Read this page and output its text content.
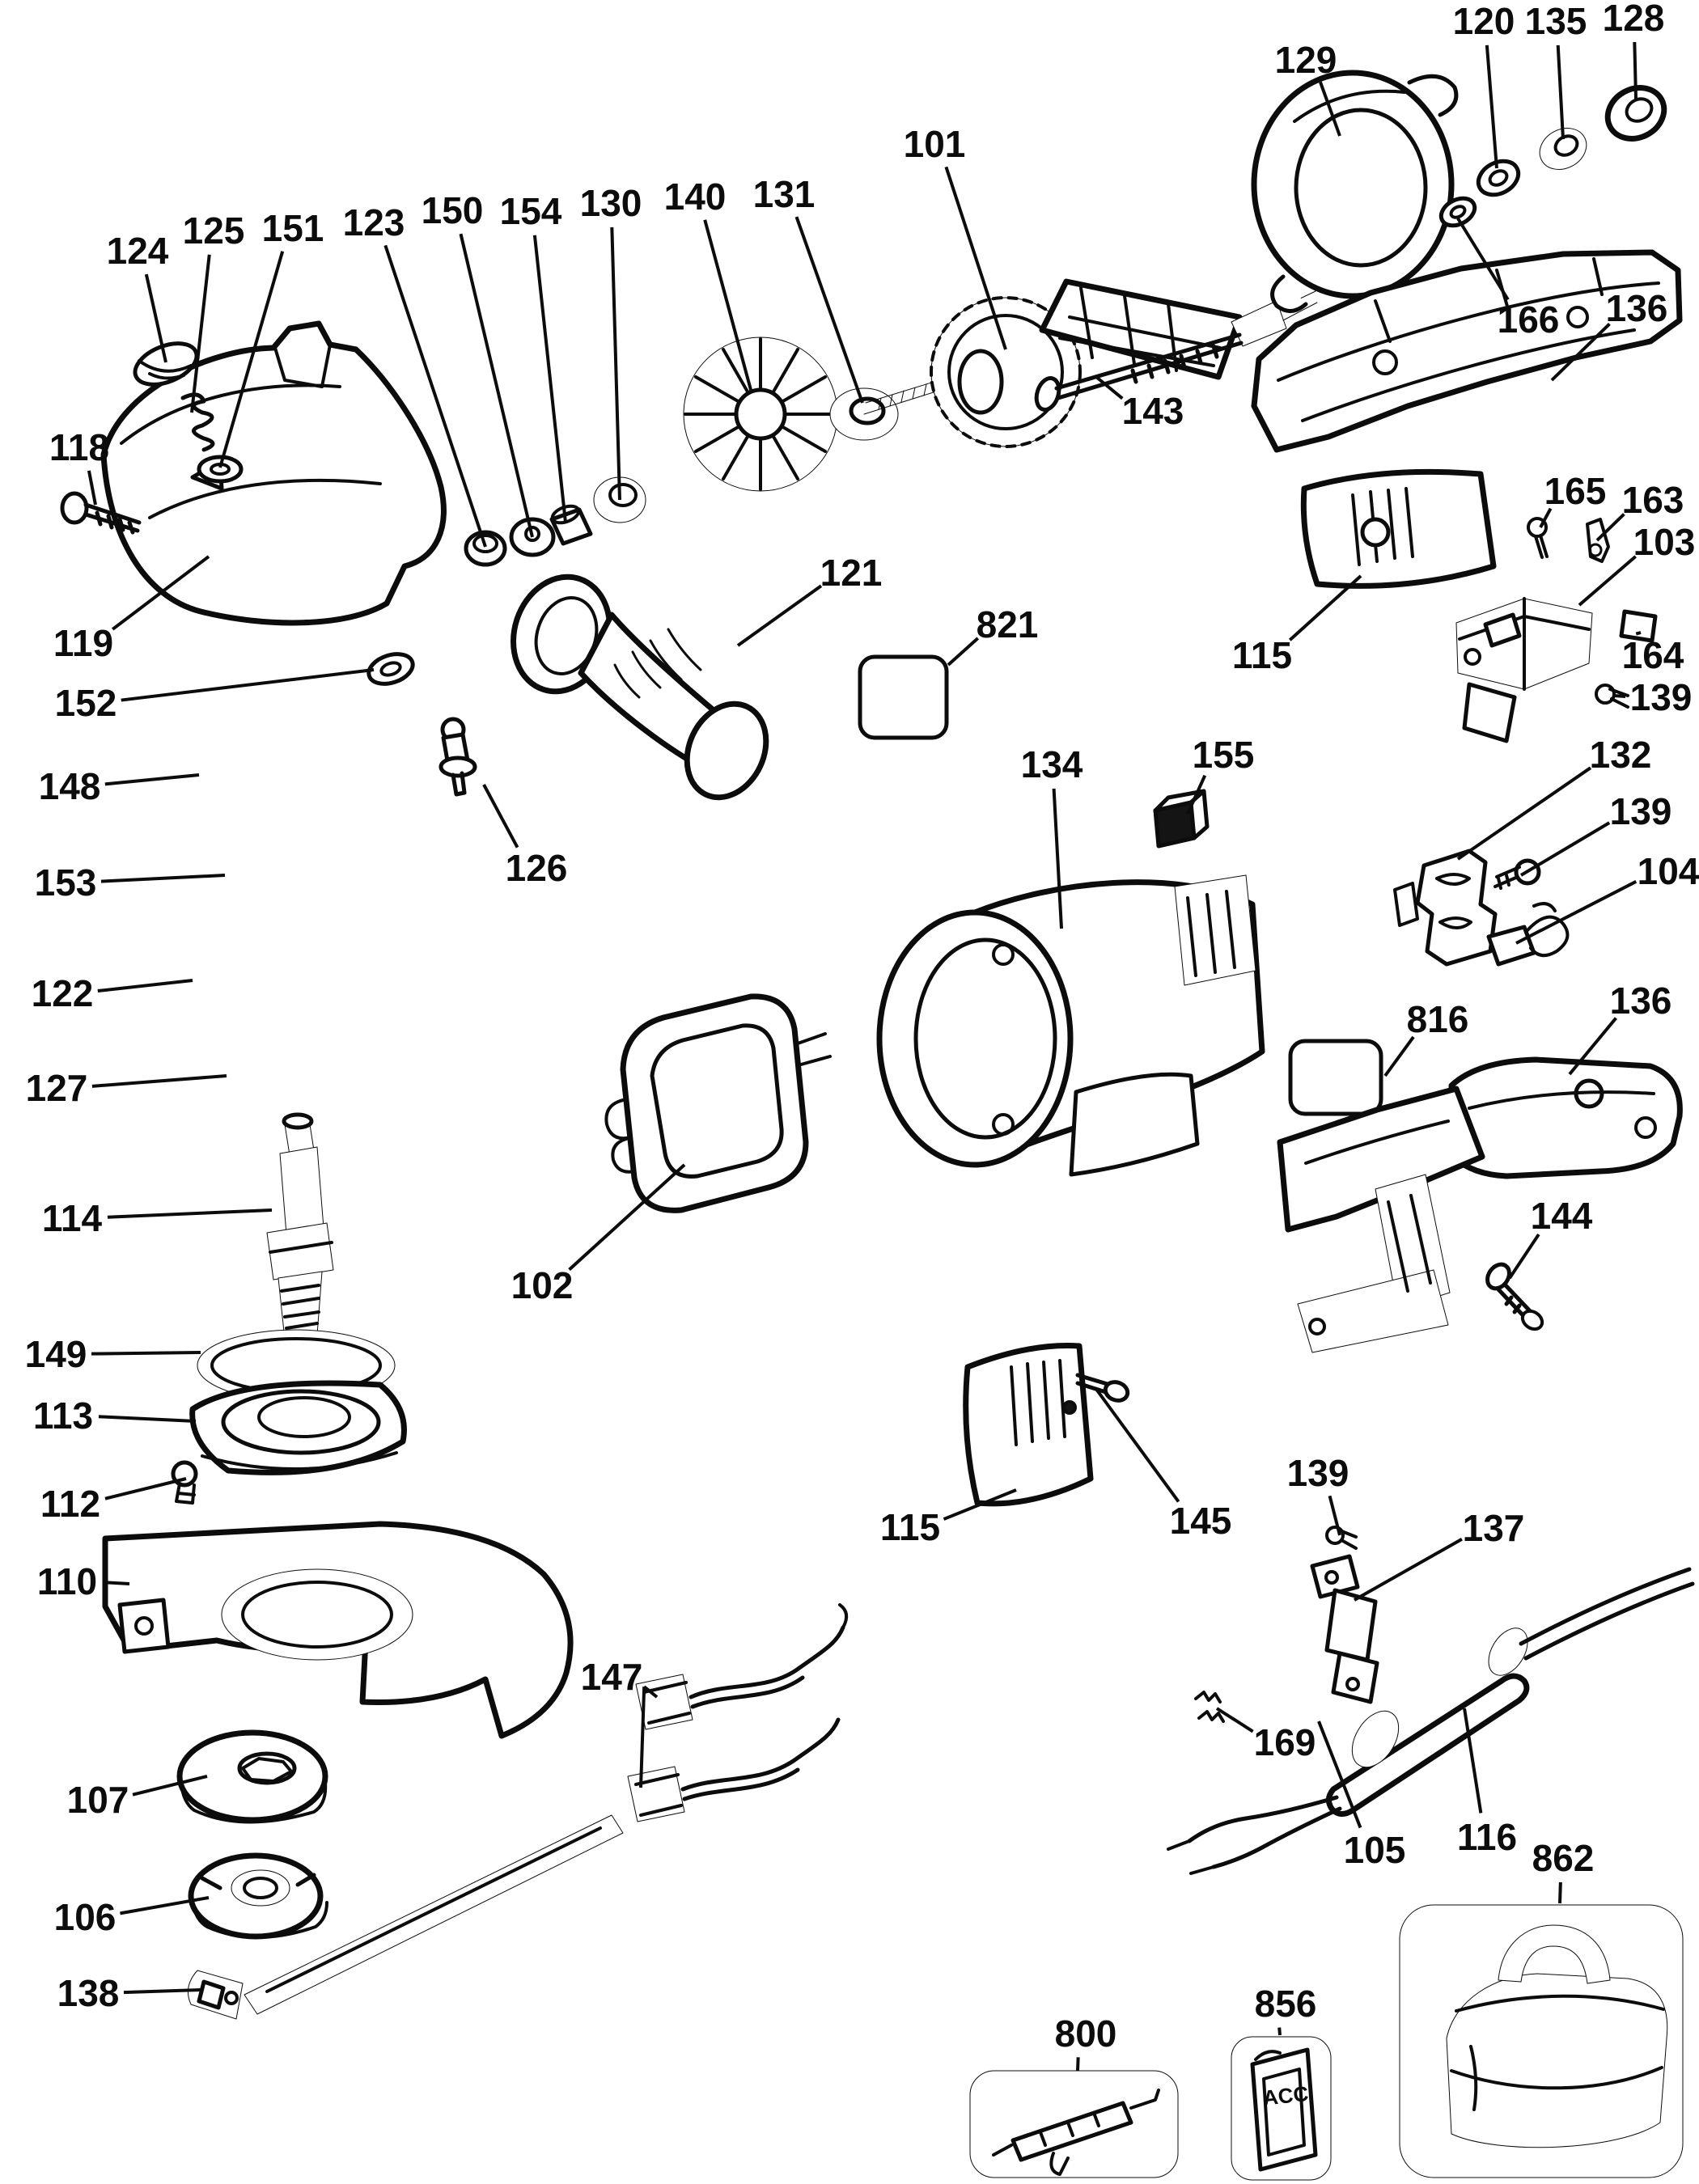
ACC
124 125 151 123 150 154 130 140 131
101
129
120 135 128
166 136
118
119
152
148
153
122
127
143
165 163
103
164
139
115
134	155	132
139
104
136
816
144
121
821
126
102
114
149
113
112
110
115	145
139
137
169
105 116 862
800
856
147
138
107
106
